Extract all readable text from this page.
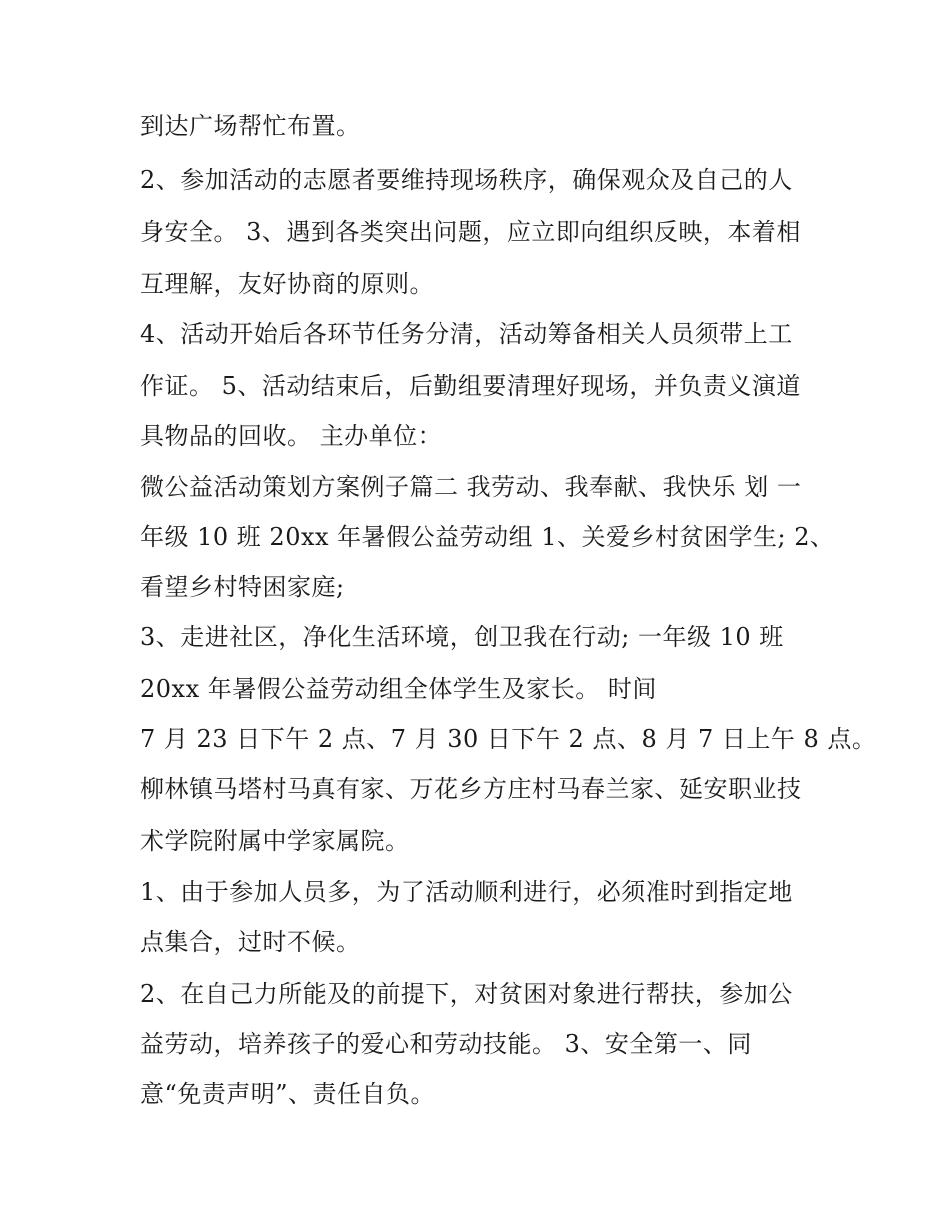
到达广场帮忙布置。
2、参加活动的志愿者要维持现场秩序，确保观众及自己的人
身安全。 3、遇到各类突出问题，应立即向组织反映，本着相
互理解，友好协商的原则。
4、活动开始后各环节任务分清，活动筹备相关人员须带上工
作证。 5、活动结束后，后勤组要清理好现场，并负责义演道
具物品的回收。 主办单位：
微公益活动策划方案例子篇二 我劳动、我奉献、我快乐 划 一
年级 10 班 20xx 年暑假公益劳动组 1、关爱乡村贫困学生; 2、
看望乡村特困家庭;
3、走进社区，净化生活环境，创卫我在行动; 一年级 10 班
20xx 年暑假公益劳动组全体学生及家长。 时间
7 月 23 日下午 2 点、7 月 30 日下午 2 点、8 月 7 日上午 8 点。
柳林镇马塔村马真有家、万花乡方庄村马春兰家、延安职业技
术学院附属中学家属院。
1、由于参加人员多，为了活动顺利进行，必须准时到指定地
点集合，过时不候。
2、在自己力所能及的前提下，对贫困对象进行帮扶，参加公
益劳动，培养孩子的爱心和劳动技能。 3、安全第一、同
意“免责声明”、责任自负。
